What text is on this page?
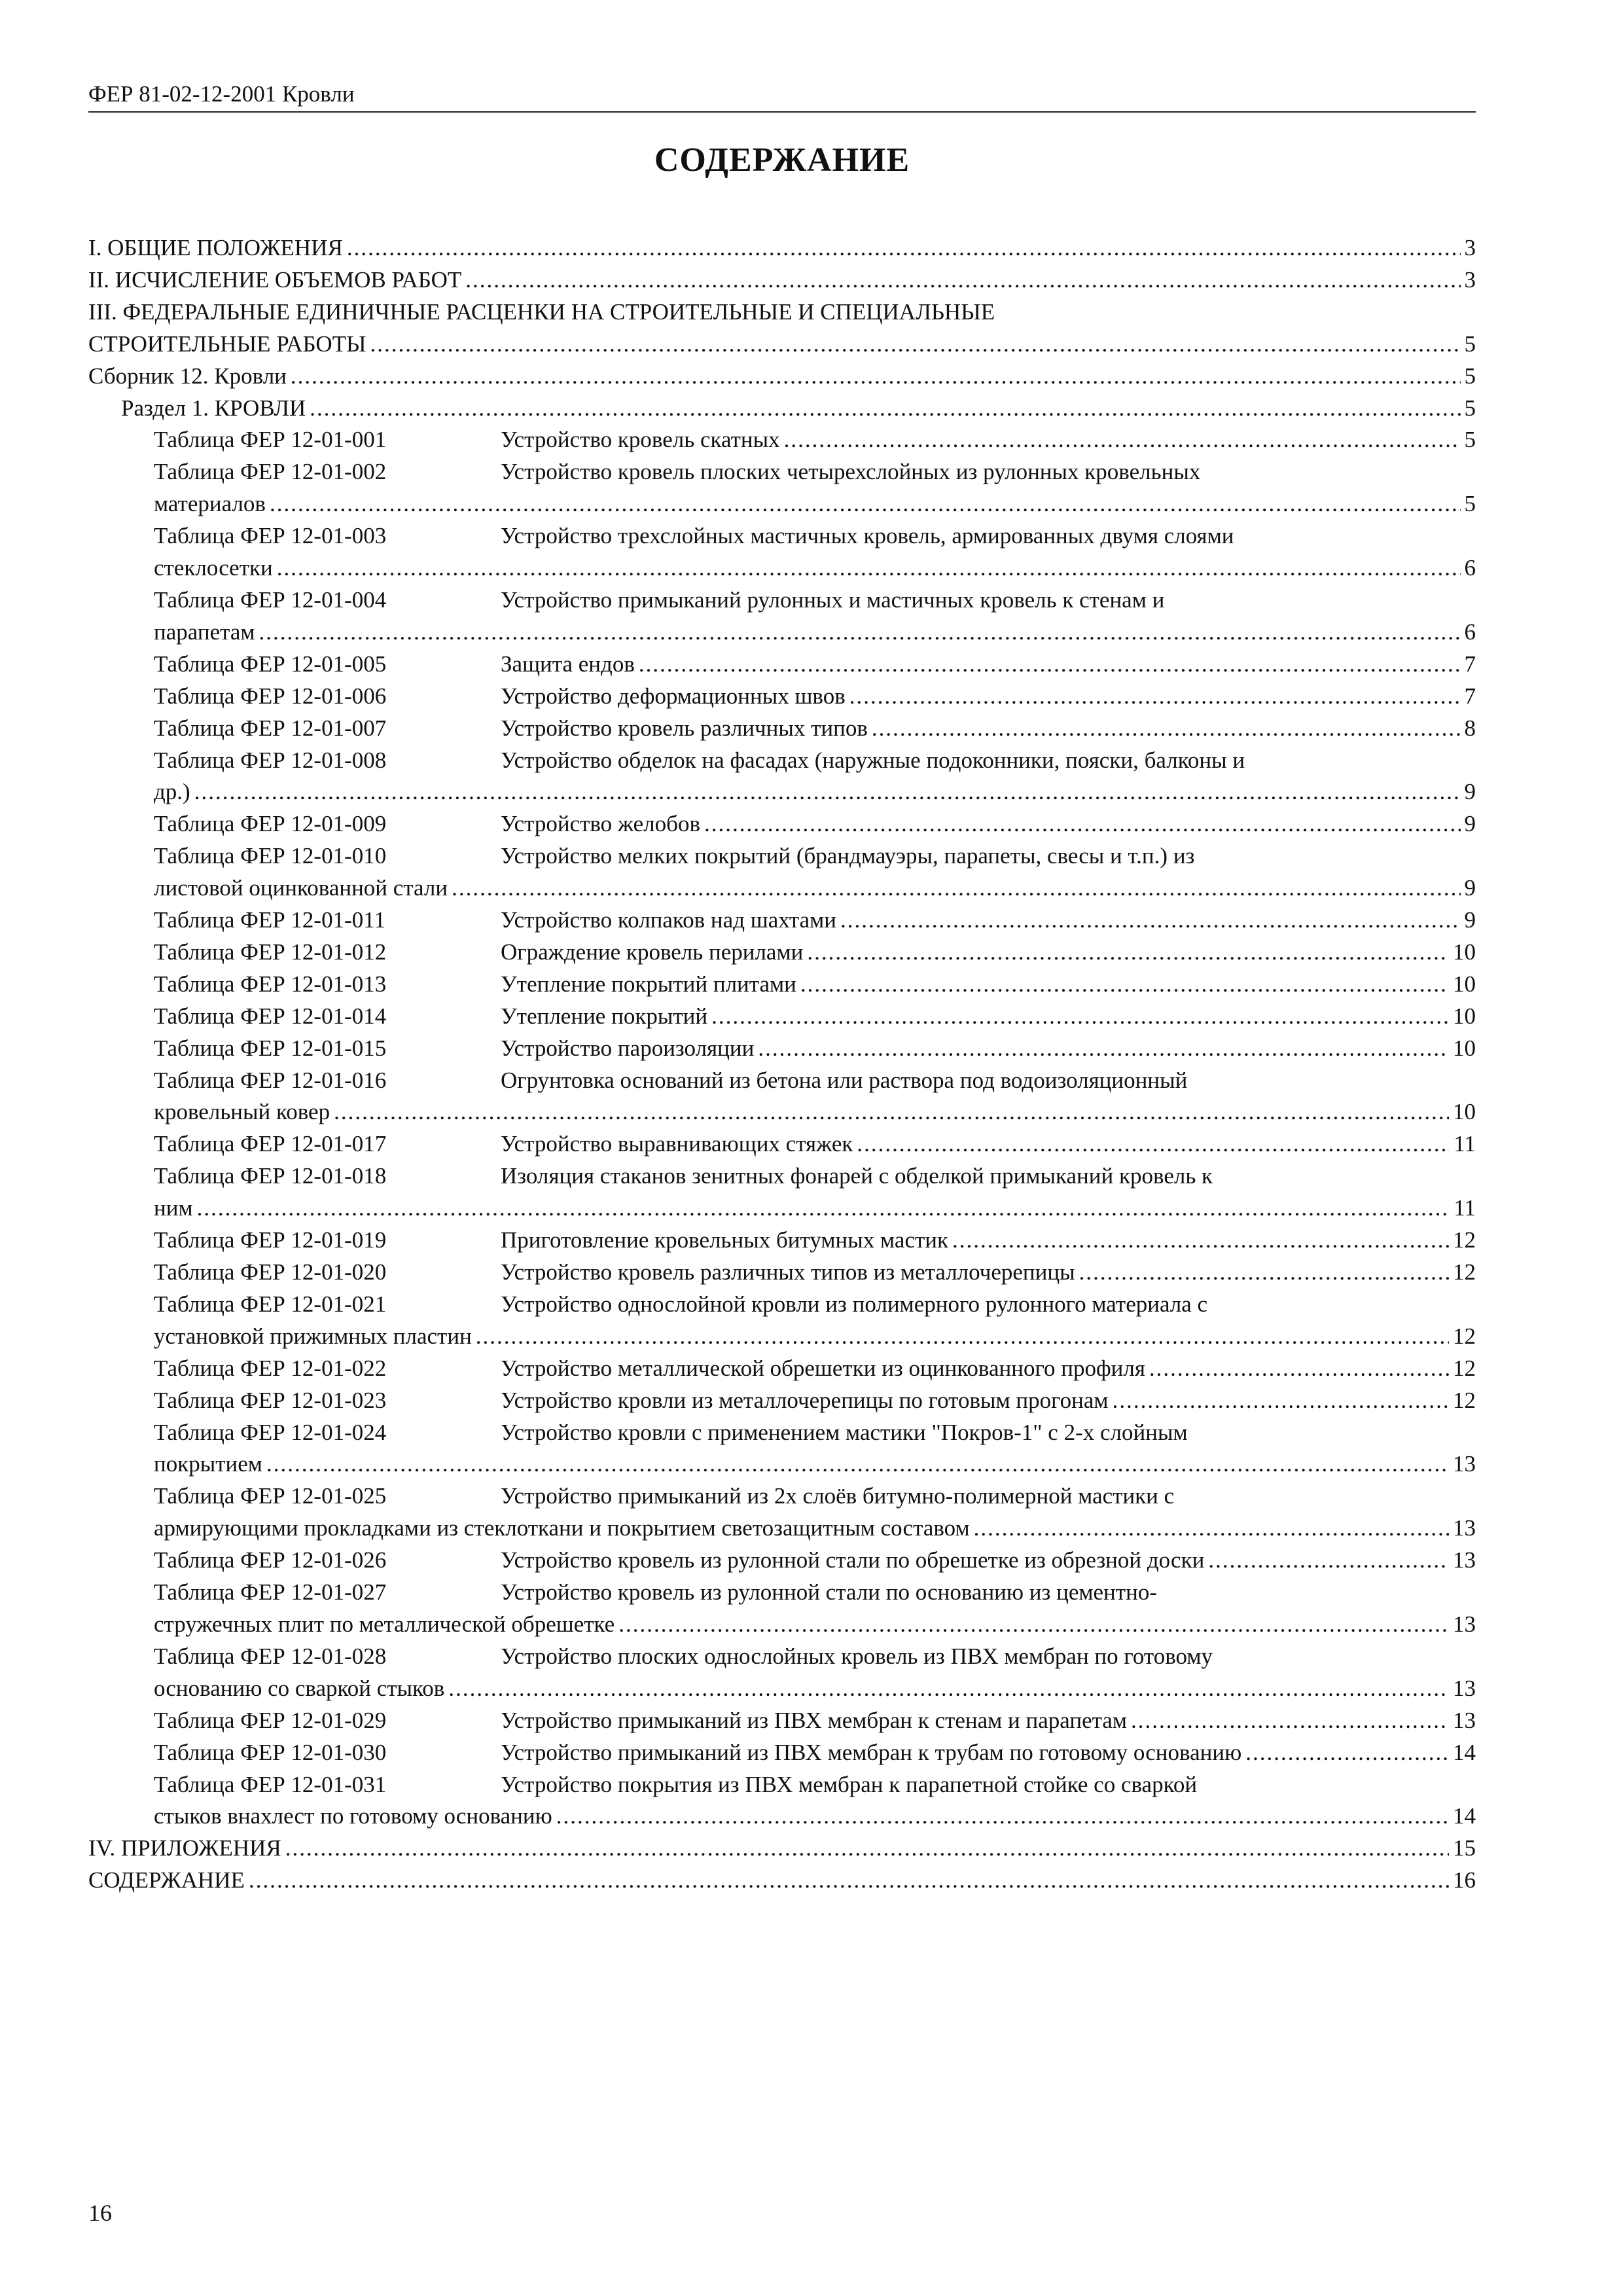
ФЕР 81-02-12-2001 Кровли
СОДЕРЖАНИЕ
I. ОБЩИЕ ПОЛОЖЕНИЯ .....	3
II. ИСЧИСЛЕНИЕ ОБЪЕМОВ РАБОТ .....	3
III. ФЕДЕРАЛЬНЫЕ ЕДИНИЧНЫЕ РАСЦЕНКИ НА СТРОИТЕЛЬНЫЕ И СПЕЦИАЛЬНЫЕ
СТРОИТЕЛЬНЫЕ РАБОТЫ .....	5
Сборник 12. Кровли .....	5
Раздел 1. КРОВЛИ .....	5
Таблица ФЕР 12-01-001	Устройство кровель скатных .....	5
Таблица ФЕР 12-01-002	Устройство кровель плоских четырехслойных из рулонных кровельных
материалов .....	5
Таблица ФЕР 12-01-003	Устройство трехслойных мастичных кровель, армированных двумя слоями
стеклосетки .....	6
Таблица ФЕР 12-01-004	Устройство примыканий рулонных и мастичных кровель к стенам и
парапетам .....	6
Таблица ФЕР 12-01-005	Защита ендов .....	7
Таблица ФЕР 12-01-006	Устройство деформационных швов .....	7
Таблица ФЕР 12-01-007	Устройство кровель различных типов .....	8
Таблица ФЕР 12-01-008	Устройство обделок на фасадах (наружные подоконники, пояски, балконы и
др.) .....	9
Таблица ФЕР 12-01-009	Устройство желобов .....	9
Таблица ФЕР 12-01-010	Устройство мелких покрытий (брандмауэры, парапеты, свесы и т.п.) из
листовой оцинкованной стали .....	9
Таблица ФЕР 12-01-011	Устройство колпаков над шахтами .....	9
Таблица ФЕР 12-01-012	Ограждение кровель перилами .....	10
Таблица ФЕР 12-01-013	Утепление покрытий плитами .....	10
Таблица ФЕР 12-01-014	Утепление покрытий .....	10
Таблица ФЕР 12-01-015	Устройство пароизоляции .....	10
Таблица ФЕР 12-01-016	Огрунтовка оснований из бетона или раствора под водоизоляционный
кровельный ковер .....	10
Таблица ФЕР 12-01-017	Устройство выравнивающих стяжек .....	11
Таблица ФЕР 12-01-018	Изоляция стаканов зенитных фонарей с обделкой примыканий кровель к
ним .....	11
Таблица ФЕР 12-01-019	Приготовление кровельных битумных мастик .....	12
Таблица ФЕР 12-01-020	Устройство кровель различных типов из металлочерепицы .....	12
Таблица ФЕР 12-01-021	Устройство однослойной кровли из полимерного рулонного материала с
установкой прижимных пластин .....	12
Таблица ФЕР 12-01-022	Устройство металлической обрешетки из оцинкованного профиля .....	12
Таблица ФЕР 12-01-023	Устройство кровли из металлочерепицы по готовым прогонам .....	12
Таблица ФЕР 12-01-024	Устройство кровли с применением мастики "Покров-1" с 2-х слойным
покрытием .....	13
Таблица ФЕР 12-01-025	Устройство примыканий из 2х слоёв битумно-полимерной мастики с
армирующими прокладками из стеклоткани и покрытием светозащитным составом .....	13
Таблица ФЕР 12-01-026	Устройство кровель из рулонной стали по обрешетке из обрезной доски .....	13
Таблица ФЕР 12-01-027	Устройство кровель из рулонной стали по основанию из цементно-
стружечных плит по металлической обрешетке .....	13
Таблица ФЕР 12-01-028	Устройство плоских однослойных кровель из ПВХ мембран по готовому
основанию со сваркой стыков .....	13
Таблица ФЕР 12-01-029	Устройство примыканий из ПВХ мембран к стенам и парапетам .....	13
Таблица ФЕР 12-01-030	Устройство примыканий из ПВХ мембран к трубам по готовому основанию .....	14
Таблица ФЕР 12-01-031	Устройство покрытия из ПВХ мембран к парапетной стойке со сваркой
стыков внахлест по готовому основанию .....	14
IV. ПРИЛОЖЕНИЯ .....	15
СОДЕРЖАНИЕ .....	16
16
